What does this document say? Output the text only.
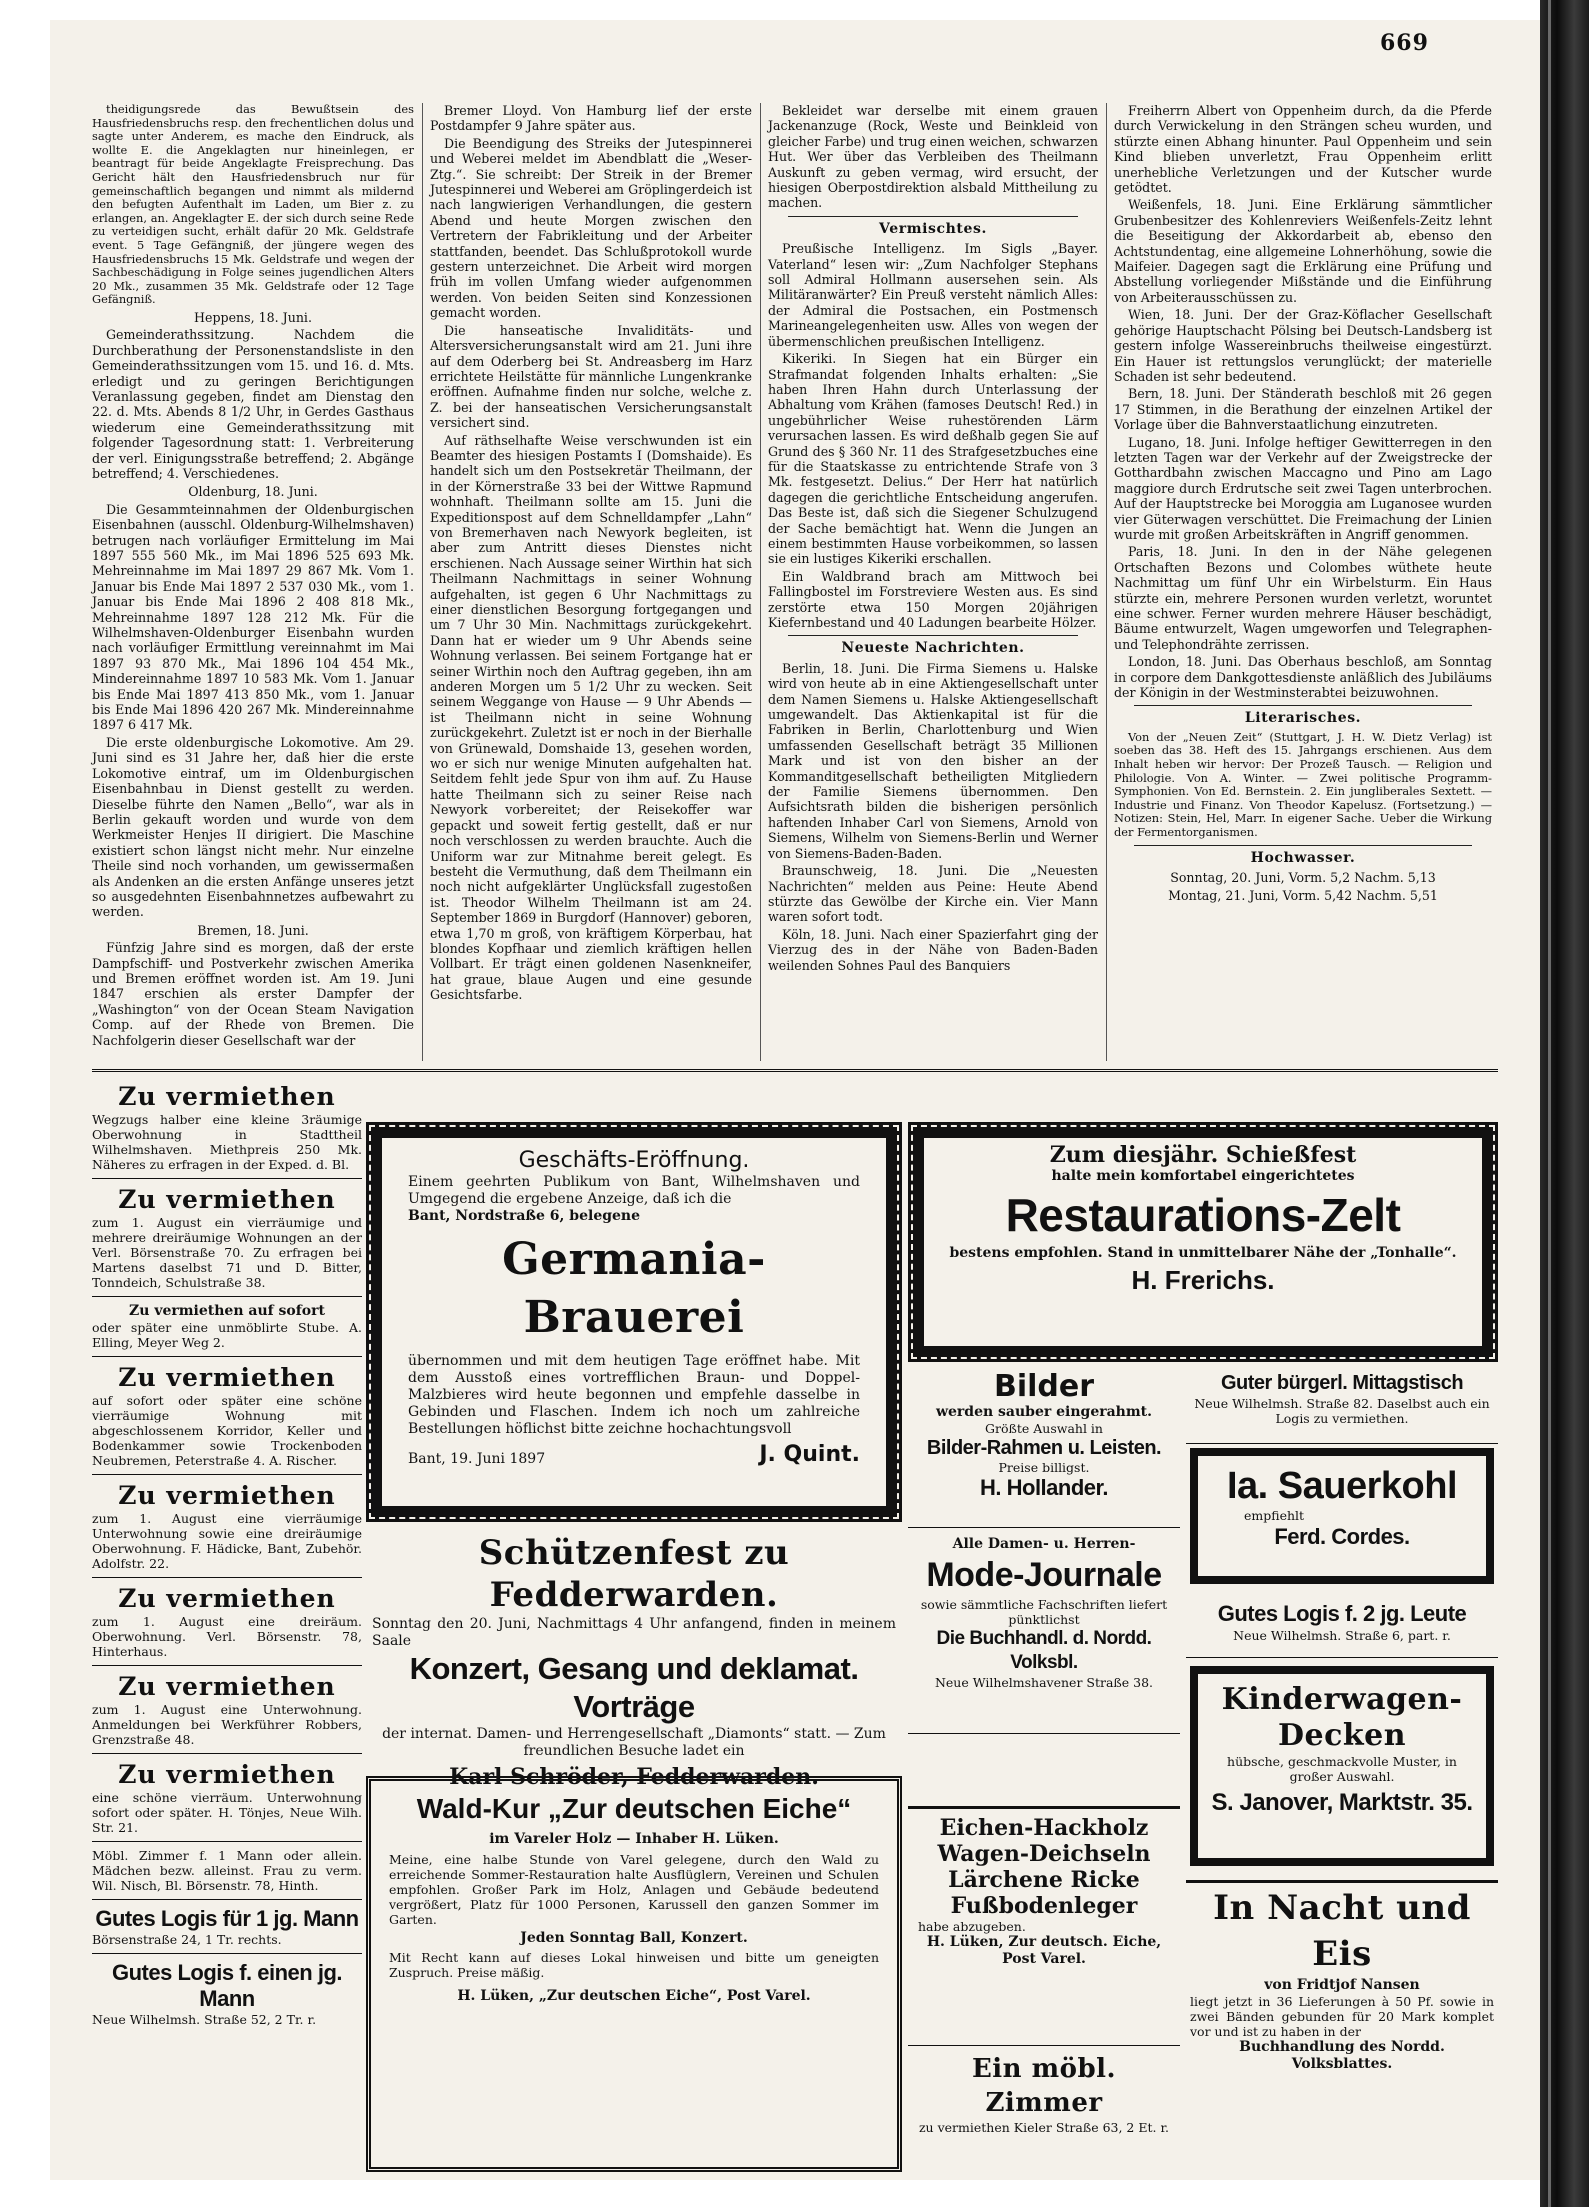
669

theidigungsrede das Bewußtsein des Hausfriedensbruchs resp. den frechentlichen dolus und sagte unter Anderem, es mache den Eindruck, als wollte E. die Angeklagten nur hineinlegen, er beantragt für beide Angeklagte Freisprechung. Das Gericht hält den Hausfriedensbruch nur für gemeinschaftlich begangen und nimmt als mildernd den befugten Aufenthalt im Laden, um Bier z. zu erlangen, an. Angeklagter E. der sich durch seine Rede zu verteidigen sucht, erhält dafür 20 Mk. Geldstrafe event. 5 Tage Gefängniß, der jüngere wegen des Hausfriedensbruchs 15 Mk. Geldstrafe und wegen der Sachbeschädigung in Folge seines jugendlichen Alters 20 Mk., zusammen 35 Mk. Geldstrafe oder 12 Tage Gefängniß.

Heppens, 18. Juni.

Gemeinderathssitzung. Nachdem die Durchberathung der Personenstandsliste in den Gemeinderathssitzungen vom 15. und 16. d. Mts. erledigt und zu geringen Berichtigungen Veranlassung gegeben, findet am Dienstag den 22. d. Mts. Abends 8 1/2 Uhr, in Gerdes Gasthaus wiederum eine Gemeinderathssitzung mit folgender Tagesordnung statt: 1. Verbreiterung der verl. Einigungsstraße betreffend; 2. Abgänge betreffend; 4. Verschiedenes.

Oldenburg, 18. Juni.

Die Gesammteinnahmen der Oldenburgischen Eisenbahnen (ausschl. Oldenburg-Wilhelmshaven) betrugen nach vorläufiger Ermittelung im Mai 1897 555 560 Mk., im Mai 1896 525 693 Mk. Mehreinnahme im Mai 1897 29 867 Mk. Vom 1. Januar bis Ende Mai 1897 2 537 030 Mk., vom 1. Januar bis Ende Mai 1896 2 408 818 Mk., Mehreinnahme 1897 128 212 Mk. Für die Wilhelmshaven-Oldenburger Eisenbahn wurden nach vorläufiger Ermittlung vereinnahmt im Mai 1897 93 870 Mk., Mai 1896 104 454 Mk., Mindereinnahme 1897 10 583 Mk. Vom 1. Januar bis Ende Mai 1897 413 850 Mk., vom 1. Januar bis Ende Mai 1896 420 267 Mk. Mindereinnahme 1897 6 417 Mk.

Die erste oldenburgische Lokomotive. Am 29. Juni sind es 31 Jahre her, daß hier die erste Lokomotive eintraf, um im Oldenburgischen Eisenbahnbau in Dienst gestellt zu werden. Dieselbe führte den Namen „Bello“, war als in Berlin gekauft worden und wurde von dem Werkmeister Henjes II dirigiert. Die Maschine existiert schon längst nicht mehr. Nur einzelne Theile sind noch vorhanden, um gewissermaßen als Andenken an die ersten Anfänge unseres jetzt so ausgedehnten Eisenbahnnetzes aufbewahrt zu werden.

Bremen, 18. Juni.

Fünfzig Jahre sind es morgen, daß der erste Dampfschiff- und Postverkehr zwischen Amerika und Bremen eröffnet worden ist. Am 19. Juni 1847 erschien als erster Dampfer der „Washington“ von der Ocean Steam Navigation Comp. auf der Rhede von Bremen. Die Nachfolgerin dieser Gesellschaft war der

Bremer Lloyd. Von Hamburg lief der erste Postdampfer 9 Jahre später aus.

Die Beendigung des Streiks der Jutespinnerei und Weberei meldet im Abendblatt die „Weser-Ztg.“. Sie schreibt: Der Streik in der Bremer Jutespinnerei und Weberei am Gröplingerdeich ist nach langwierigen Verhandlungen, die gestern Abend und heute Morgen zwischen den Vertretern der Fabrikleitung und der Arbeiter stattfanden, beendet. Das Schlußprotokoll wurde gestern unterzeichnet. Die Arbeit wird morgen früh im vollen Umfang wieder aufgenommen werden. Von beiden Seiten sind Konzessionen gemacht worden.

Die hanseatische Invaliditäts- und Altersversicherungsanstalt wird am 21. Juni ihre auf dem Oderberg bei St. Andreasberg im Harz errichtete Heilstätte für männliche Lungenkranke eröffnen. Aufnahme finden nur solche, welche z. Z. bei der hanseatischen Versicherungsanstalt versichert sind.

Auf räthselhafte Weise verschwunden ist ein Beamter des hiesigen Postamts I (Domshaide). Es handelt sich um den Postsekretär Theilmann, der in der Körnerstraße 33 bei der Wittwe Rapmund wohnhaft. Theilmann sollte am 15. Juni die Expeditionspost auf dem Schnelldampfer „Lahn“ von Bremerhaven nach Newyork begleiten, ist aber zum Antritt dieses Dienstes nicht erschienen. Nach Aussage seiner Wirthin hat sich Theilmann Nachmittags in seiner Wohnung aufgehalten, ist gegen 6 Uhr Nachmittags zu einer dienstlichen Besorgung fortgegangen und um 7 Uhr 30 Min. Nachmittags zurückgekehrt. Dann hat er wieder um 9 Uhr Abends seine Wohnung verlassen. Bei seinem Fortgange hat er seiner Wirthin noch den Auftrag gegeben, ihn am anderen Morgen um 5 1/2 Uhr zu wecken. Seit seinem Weggange von Hause — 9 Uhr Abends — ist Theilmann nicht in seine Wohnung zurückgekehrt. Zuletzt ist er noch in der Bierhalle von Grünewald, Domshaide 13, gesehen worden, wo er sich nur wenige Minuten aufgehalten hat. Seitdem fehlt jede Spur von ihm auf. Zu Hause hatte Theilmann sich zu seiner Reise nach Newyork vorbereitet; der Reisekoffer war gepackt und soweit fertig gestellt, daß er nur noch verschlossen zu werden brauchte. Auch die Uniform war zur Mitnahme bereit gelegt. Es besteht die Vermuthung, daß dem Theilmann ein noch nicht aufgeklärter Unglücksfall zugestoßen ist. Theodor Wilhelm Theilmann ist am 24. September 1869 in Burgdorf (Hannover) geboren, etwa 1,70 m groß, von kräftigem Körperbau, hat blondes Kopfhaar und ziemlich kräftigen hellen Vollbart. Er trägt einen goldenen Nasenkneifer, hat graue, blaue Augen und eine gesunde Gesichtsfarbe.

Bekleidet war derselbe mit einem grauen Jackenanzuge (Rock, Weste und Beinkleid von gleicher Farbe) und trug einen weichen, schwarzen Hut. Wer über das Verbleiben des Theilmann Auskunft zu geben vermag, wird ersucht, der hiesigen Oberpostdirektion alsbald Mittheilung zu machen.

Vermischtes.

Preußische Intelligenz. Im Sigls „Bayer. Vaterland“ lesen wir: „Zum Nachfolger Stephans soll Admiral Hollmann ausersehen sein. Als Militäranwärter? Ein Preuß versteht nämlich Alles: der Admiral die Postsachen, ein Postmensch Marineangelegenheiten usw. Alles von wegen der übermenschlichen preußischen Intelligenz.

Kikeriki. In Siegen hat ein Bürger ein Strafmandat folgenden Inhalts erhalten: „Sie haben Ihren Hahn durch Unterlassung der Abhaltung vom Krähen (famoses Deutsch! Red.) in ungebührlicher Weise ruhestörenden Lärm verursachen lassen. Es wird deßhalb gegen Sie auf Grund des § 360 Nr. 11 des Strafgesetzbuches eine für die Staatskasse zu entrichtende Strafe von 3 Mk. festgesetzt. Delius.“ Der Herr hat natürlich dagegen die gerichtliche Entscheidung angerufen. Das Beste ist, daß sich die Siegener Schulzugend der Sache bemächtigt hat. Wenn die Jungen an einem bestimmten Hause vorbeikommen, so lassen sie ein lustiges Kikeriki erschallen.

Ein Waldbrand brach am Mittwoch bei Fallingbostel im Forstreviere Westen aus. Es sind zerstörte etwa 150 Morgen 20jährigen Kiefernbestand und 40 Ladungen bearbeite Hölzer.

Neueste Nachrichten.

Berlin, 18. Juni. Die Firma Siemens u. Halske wird von heute ab in eine Aktiengesellschaft unter dem Namen Siemens u. Halske Aktiengesellschaft umgewandelt. Das Aktienkapital ist für die Fabriken in Berlin, Charlottenburg und Wien umfassenden Gesellschaft beträgt 35 Millionen Mark und ist von den bisher an der Kommanditgesellschaft betheiligten Mitgliedern der Familie Siemens übernommen. Den Aufsichtsrath bilden die bisherigen persönlich haftenden Inhaber Carl von Siemens, Arnold von Siemens, Wilhelm von Siemens-Berlin und Werner von Siemens-Baden-Baden.

Braunschweig, 18. Juni. Die „Neuesten Nachrichten“ melden aus Peine: Heute Abend stürzte das Gewölbe der Kirche ein. Vier Mann waren sofort todt.

Köln, 18. Juni. Nach einer Spazierfahrt ging der Vierzug des in der Nähe von Baden-Baden weilenden Sohnes Paul des Banquiers

Freiherrn Albert von Oppenheim durch, da die Pferde durch Verwickelung in den Strängen scheu wurden, und stürzte einen Abhang hinunter. Paul Oppenheim und sein Kind blieben unverletzt, Frau Oppenheim erlitt unerhebliche Verletzungen und der Kutscher wurde getödtet.

Weißenfels, 18. Juni. Eine Erklärung sämmtlicher Grubenbesitzer des Kohlenreviers Weißenfels-Zeitz lehnt die Beseitigung der Akkordarbeit ab, ebenso den Achtstundentag, eine allgemeine Lohnerhöhung, sowie die Maifeier. Dagegen sagt die Erklärung eine Prüfung und Abstellung vorliegender Mißstände und die Einführung von Arbeiterausschüssen zu.

Wien, 18. Juni. Der der Graz-Köflacher Gesellschaft gehörige Hauptschacht Pölsing bei Deutsch-Landsberg ist gestern infolge Wassereinbruchs theilweise eingestürzt. Ein Hauer ist rettungslos verunglückt; der materielle Schaden ist sehr bedeutend.

Bern, 18. Juni. Der Ständerath beschloß mit 26 gegen 17 Stimmen, in die Berathung der einzelnen Artikel der Vorlage über die Bahnverstaatlichung einzutreten.

Lugano, 18. Juni. Infolge heftiger Gewitterregen in den letzten Tagen war der Verkehr auf der Zweigstrecke der Gotthardbahn zwischen Maccagno und Pino am Lago maggiore durch Erdrutsche seit zwei Tagen unterbrochen. Auf der Hauptstrecke bei Moroggia am Luganosee wurden vier Güterwagen verschüttet. Die Freimachung der Linien wurde mit großen Arbeitskräften in Angriff genommen.

Paris, 18. Juni. In den in der Nähe gelegenen Ortschaften Bezons und Colombes wüthete heute Nachmittag um fünf Uhr ein Wirbelsturm. Ein Haus stürzte ein, mehrere Personen wurden verletzt, woruntet eine schwer. Ferner wurden mehrere Häuser beschädigt, Bäume entwurzelt, Wagen umgeworfen und Telegraphen- und Telephondrähte zerrissen.

London, 18. Juni. Das Oberhaus beschloß, am Sonntag in corpore dem Dankgottesdienste anläßlich des Jubiläums der Königin in der Westminsterabtei beizuwohnen.

Literarisches.

Von der „Neuen Zeit“ (Stuttgart, J. H. W. Dietz Verlag) ist soeben das 38. Heft des 15. Jahrgangs erschienen. Aus dem Inhalt heben wir hervor: Der Prozeß Tausch. — Religion und Philologie. Von A. Winter. — Zwei politische Programm-Symphonien. Von Ed. Bernstein. 2. Ein jungliberales Sextett. — Industrie und Finanz. Von Theodor Kapelusz. (Fortsetzung.) — Notizen: Stein, Hel, Marr. In eigener Sache. Ueber die Wirkung der Fermentorganismen.

Hochwasser.

Sonntag, 20. Juni, Vorm. 5,2 Nachm. 5,13

Montag, 21. Juni, Vorm. 5,42 Nachm. 5,51

Zu vermiethen
Wegzugs halber eine kleine 3räumige Oberwohnung in Stadttheil Wilhelmshaven. Miethpreis 250 Mk. Näheres zu erfragen in der Exped. d. Bl.
Zu vermiethen
zum 1. August ein vierräumige und mehrere dreiräumige Wohnungen an der Verl. Börsenstraße 70. Zu erfragen bei Martens daselbst 71 und D. Bitter, Tonndeich, Schulstraße 38.
Zu vermiethen auf sofort
oder später eine unmöblirte Stube. A. Elling, Meyer Weg 2.
Zu vermiethen
auf sofort oder später eine schöne vierräumige Wohnung mit abgeschlossenem Korridor, Keller und Bodenkammer sowie Trockenboden Neubremen, Peterstraße 4. A. Rischer.
Zu vermiethen
zum 1. August eine vierräumige Unterwohnung sowie eine dreiräumige Oberwohnung. F. Hädicke, Bant, Zubehör. Adolfstr. 22.
Zu vermiethen
zum 1. August eine dreiräum. Oberwohnung. Verl. Börsenstr. 78, Hinterhaus.
Zu vermiethen
zum 1. August eine Unterwohnung. Anmeldungen bei Werkführer Robbers, Grenzstraße 48.
Zu vermiethen
eine schöne vierräum. Unterwohnung sofort oder später. H. Tönjes, Neue Wilh. Str. 21.
Möbl. Zimmer f. 1 Mann oder allein. Mädchen bezw. alleinst. Frau zu verm. Wil. Nisch, Bl. Börsenstr. 78, Hinth.
Gutes Logis für 1 jg. Mann
Börsenstraße 24, 1 Tr. rechts.
Gutes Logis f. einen jg. Mann
Neue Wilhelmsh. Straße 52, 2 Tr. r.
Geschäfts-Eröffnung.
Einem geehrten Publikum von Bant, Wilhelmshaven und Umgegend die ergebene Anzeige, daß ich die
Bant, Nordstraße 6, belegene
Germania-Brauerei
übernommen und mit dem heutigen Tage eröffnet habe. Mit dem Ausstoß eines vortrefflichen Braun- und Doppel-Malzbieres wird heute begonnen und empfehle dasselbe in Gebinden und Flaschen. Indem ich noch um zahlreiche Bestellungen höflichst bitte zeichne hochachtungsvoll
Bant, 19. Juni 1897	J. Quint.
Schützenfest zu Fedderwarden.
Sonntag den 20. Juni, Nachmittags 4 Uhr anfangend, finden in meinem Saale
Konzert, Gesang und deklamat. Vorträge
der internat. Damen- und Herrengesellschaft „Diamonts“ statt. — Zum freundlichen Besuche ladet ein
Karl Schröder, Fedderwarden.
Wald-Kur „Zur deutschen Eiche“
im Vareler Holz — Inhaber H. Lüken.
Meine, eine halbe Stunde von Varel gelegene, durch den Wald zu erreichende Sommer-Restauration halte Ausflüglern, Vereinen und Schulen empfohlen. Großer Park im Holz, Anlagen und Gebäude bedeutend vergrößert, Platz für 1000 Personen, Karussell den ganzen Sommer im Garten.
Jeden Sonntag Ball, Konzert.
Mit Recht kann auf dieses Lokal hinweisen und bitte um geneigten Zuspruch. Preise mäßig.
H. Lüken, „Zur deutschen Eiche“, Post Varel.
Zum diesjähr. Schießfest
halte mein komfortabel eingerichtetes
Restaurations-Zelt
bestens empfohlen. Stand in unmittelbarer Nähe der „Tonhalle“.
H. Frerichs.
Bilder
werden sauber eingerahmt.
Größte Auswahl in
Bilder-Rahmen u. Leisten.
Preise billigst.
H. Hollander.
Guter bürgerl. Mittagstisch
Neue Wilhelmsh. Straße 82. Daselbst auch ein Logis zu vermiethen.
Ia. Sauerkohl
empfiehlt
Ferd. Cordes.
Gutes Logis f. 2 jg. Leute
Neue Wilhelmsh. Straße 6, part. r.
Alle Damen- u. Herren-
Mode-Journale
sowie sämmtliche Fachschriften liefert pünktlichst
Die Buchhandl. d. Nordd. Volksbl.
Neue Wilhelmshavener Straße 38.	Kinderwagen-
Decken
hübsche, geschmackvolle Muster, in großer Auswahl.
S. Janover, Marktstr. 35.
Eichen-Hackholz
Wagen-Deichseln
Lärchene Ricke
Fußbodenleger
habe abzugeben.
H. Lüken, Zur deutsch. Eiche, Post Varel.
Ein möbl. Zimmer
zu vermiethen Kieler Straße 63, 2 Et. r.
In Nacht und Eis
von Fridtjof Nansen
liegt jetzt in 36 Lieferungen à 50 Pf. sowie in zwei Bänden gebunden für 20 Mark komplet vor und ist zu haben in der
Buchhandlung des Nordd. Volksblattes.
